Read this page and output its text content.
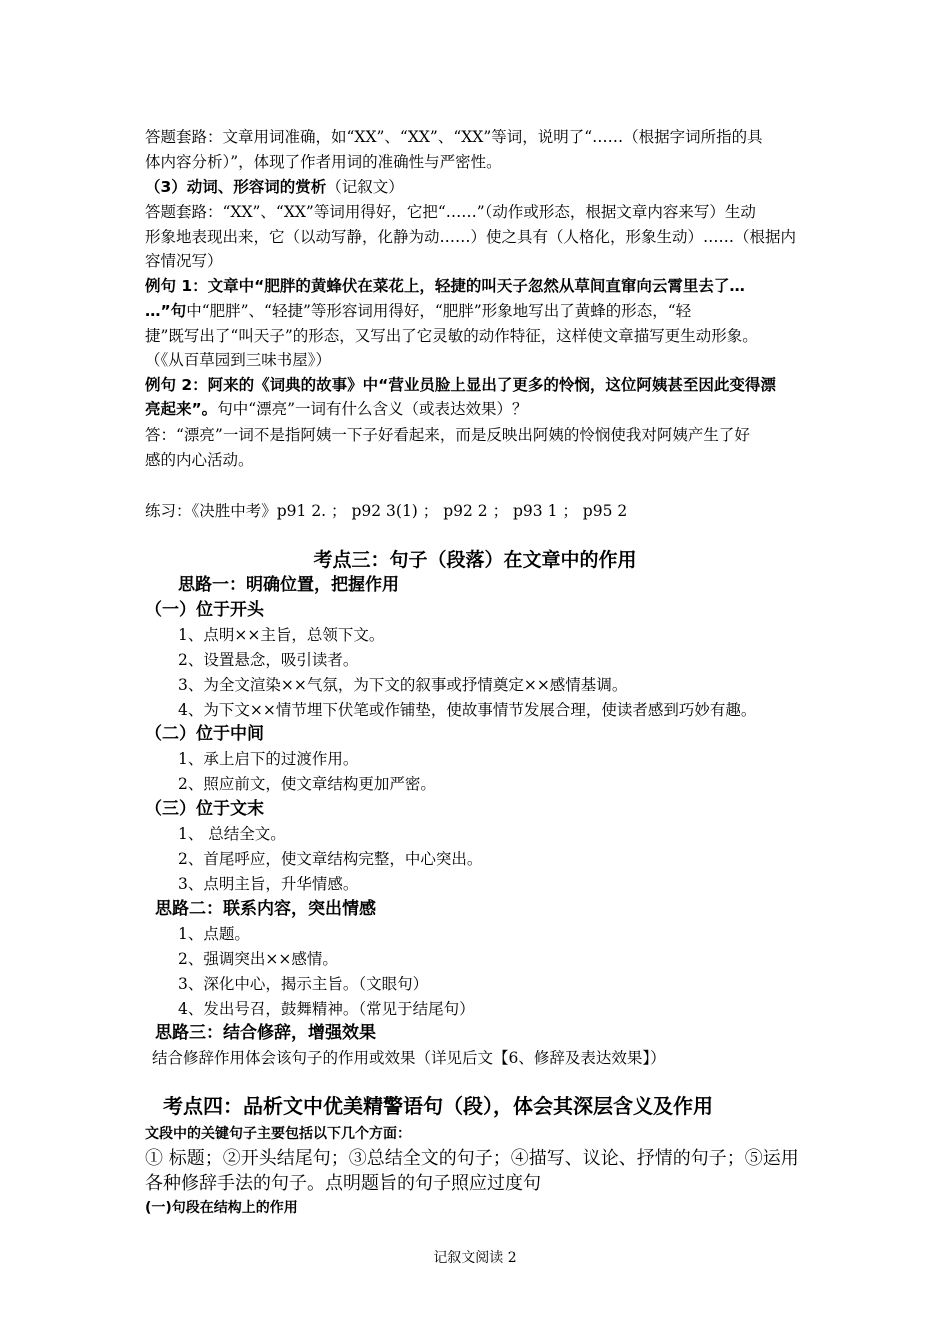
答题套路：文章用词准确，如“XX”、“XX”、“XX”等词，说明了“……（根据字词所指的具
体内容分析）”，体现了作者用词的准确性与严密性。
（3）动词、形容词的赏析（记叙文）
答题套路：“XX”、“XX”等词用得好，它把“……”（动作或形态，根据文章内容来写）生动
形象地表现出来，它（以动写静，化静为动……）使之具有（人格化，形象生动）……（根据内
容情况写）
例句 1：文章中“肥胖的黄蜂伏在菜花上，轻捷的叫天子忽然从草间直窜向云霄里去了…
…”句中“肥胖”、“轻捷”等形容词用得好，“肥胖”形象地写出了黄蜂的形态，“轻
捷”既写出了“叫天子”的形态，又写出了它灵敏的动作特征，这样使文章描写更生动形象。
（《从百草园到三味书屋》）
例句 2：阿来的《词典的故事》中“营业员脸上显出了更多的怜悯，这位阿姨甚至因此变得漂
亮起来”。句中“漂亮”一词有什么含义（或表达效果）？
答：“漂亮”一词不是指阿姨一下子好看起来，而是反映出阿姨的怜悯使我对阿姨产生了好
感的内心活动。
练习：《决胜中考》p91 2. ； p92 3(1) ； p92 2 ； p93 1 ； p95 2
考点三：句子（段落）在文章中的作用
思路一：明确位置，把握作用
（一）位于开头
1、点明××主旨，总领下文。
2、设置悬念，吸引读者。
3、为全文渲染××气氛，为下文的叙事或抒情奠定××感情基调。
4、为下文××情节埋下伏笔或作铺垫，使故事情节发展合理，使读者感到巧妙有趣。
（二）位于中间
1、承上启下的过渡作用。
2、照应前文，使文章结构更加严密。
（三）位于文末
1、 总结全文。
2、首尾呼应，使文章结构完整，中心突出。
3、点明主旨，升华情感。
思路二：联系内容，突出情感
1、点题。
2、强调突出××感情。
3、深化中心，揭示主旨。（文眼句）
4、发出号召，鼓舞精神。（常见于结尾句）
思路三：结合修辞，增强效果
结合修辞作用体会该句子的作用或效果（详见后文【6、修辞及表达效果】）
考点四：品析文中优美精警语句（段），体会其深层含义及作用
文段中的关键句子主要包括以下几个方面：
① 标题；②开头结尾句；③总结全文的句子；④描写、议论、抒情的句子；⑤运用
各种修辞手法的句子。点明题旨的句子照应过度句
(一)句段在结构上的作用
记叙文阅读 2
